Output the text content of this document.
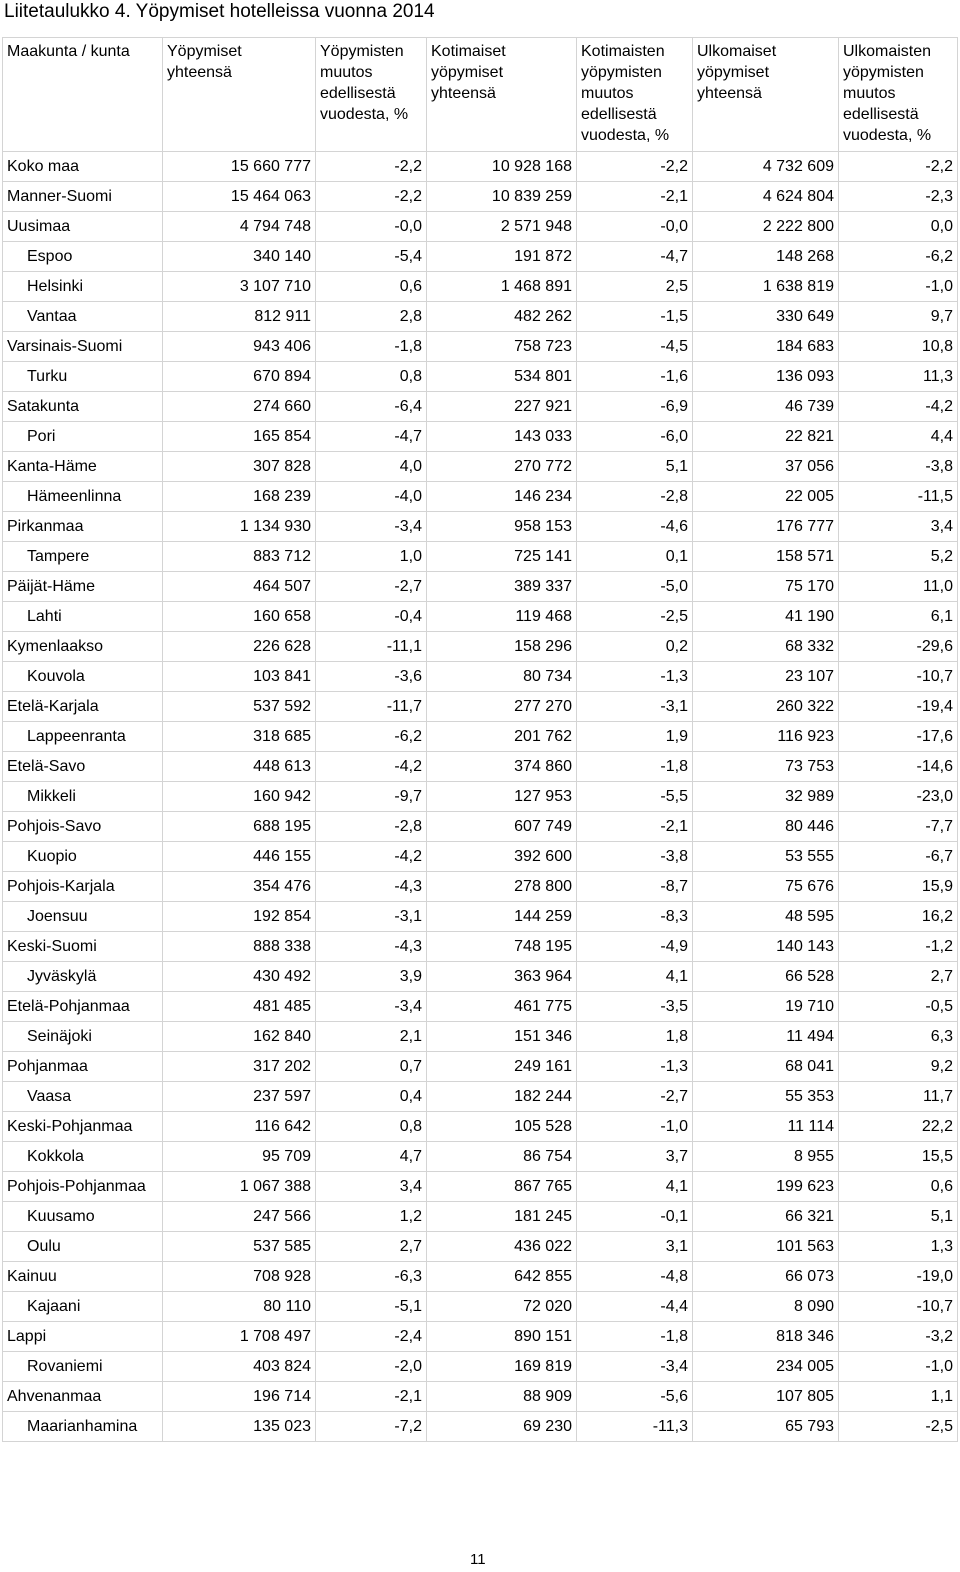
Liitetaulukko 4. Yöpymiset hotelleissa vuonna 2014
Maakunta / kunta	Yöpymiset yhteensä	Yöpymisten muutos edellisestä vuodesta, %	Kotimaiset yöpymiset yhteensä	Kotimaisten yöpymisten muutos edellisestä vuodesta, %	Ulkomaiset yöpymiset yhteensä	Ulkomaisten yöpymisten muutos edellisestä vuodesta, %
Koko maa	15 660 777	-2,2	10 928 168	-2,2	4 732 609	-2,2
Manner-Suomi	15 464 063	-2,2	10 839 259	-2,1	4 624 804	-2,3
Uusimaa	4 794 748	-0,0	2 571 948	-0,0	2 222 800	0,0
Espoo	340 140	-5,4	191 872	-4,7	148 268	-6,2
Helsinki	3 107 710	0,6	1 468 891	2,5	1 638 819	-1,0
Vantaa	812 911	2,8	482 262	-1,5	330 649	9,7
Varsinais-Suomi	943 406	-1,8	758 723	-4,5	184 683	10,8
Turku	670 894	0,8	534 801	-1,6	136 093	11,3
Satakunta	274 660	-6,4	227 921	-6,9	46 739	-4,2
Pori	165 854	-4,7	143 033	-6,0	22 821	4,4
Kanta-Häme	307 828	4,0	270 772	5,1	37 056	-3,8
Hämeenlinna	168 239	-4,0	146 234	-2,8	22 005	-11,5
Pirkanmaa	1 134 930	-3,4	958 153	-4,6	176 777	3,4
Tampere	883 712	1,0	725 141	0,1	158 571	5,2
Päijät-Häme	464 507	-2,7	389 337	-5,0	75 170	11,0
Lahti	160 658	-0,4	119 468	-2,5	41 190	6,1
Kymenlaakso	226 628	-11,1	158 296	0,2	68 332	-29,6
Kouvola	103 841	-3,6	80 734	-1,3	23 107	-10,7
Etelä-Karjala	537 592	-11,7	277 270	-3,1	260 322	-19,4
Lappeenranta	318 685	-6,2	201 762	1,9	116 923	-17,6
Etelä-Savo	448 613	-4,2	374 860	-1,8	73 753	-14,6
Mikkeli	160 942	-9,7	127 953	-5,5	32 989	-23,0
Pohjois-Savo	688 195	-2,8	607 749	-2,1	80 446	-7,7
Kuopio	446 155	-4,2	392 600	-3,8	53 555	-6,7
Pohjois-Karjala	354 476	-4,3	278 800	-8,7	75 676	15,9
Joensuu	192 854	-3,1	144 259	-8,3	48 595	16,2
Keski-Suomi	888 338	-4,3	748 195	-4,9	140 143	-1,2
Jyväskylä	430 492	3,9	363 964	4,1	66 528	2,7
Etelä-Pohjanmaa	481 485	-3,4	461 775	-3,5	19 710	-0,5
Seinäjoki	162 840	2,1	151 346	1,8	11 494	6,3
Pohjanmaa	317 202	0,7	249 161	-1,3	68 041	9,2
Vaasa	237 597	0,4	182 244	-2,7	55 353	11,7
Keski-Pohjanmaa	116 642	0,8	105 528	-1,0	11 114	22,2
Kokkola	95 709	4,7	86 754	3,7	8 955	15,5
Pohjois-Pohjanmaa	1 067 388	3,4	867 765	4,1	199 623	0,6
Kuusamo	247 566	1,2	181 245	-0,1	66 321	5,1
Oulu	537 585	2,7	436 022	3,1	101 563	1,3
Kainuu	708 928	-6,3	642 855	-4,8	66 073	-19,0
Kajaani	80 110	-5,1	72 020	-4,4	8 090	-10,7
Lappi	1 708 497	-2,4	890 151	-1,8	818 346	-3,2
Rovaniemi	403 824	-2,0	169 819	-3,4	234 005	-1,0
Ahvenanmaa	196 714	-2,1	88 909	-5,6	107 805	1,1
Maarianhamina	135 023	-7,2	69 230	-11,3	65 793	-2,5
11
